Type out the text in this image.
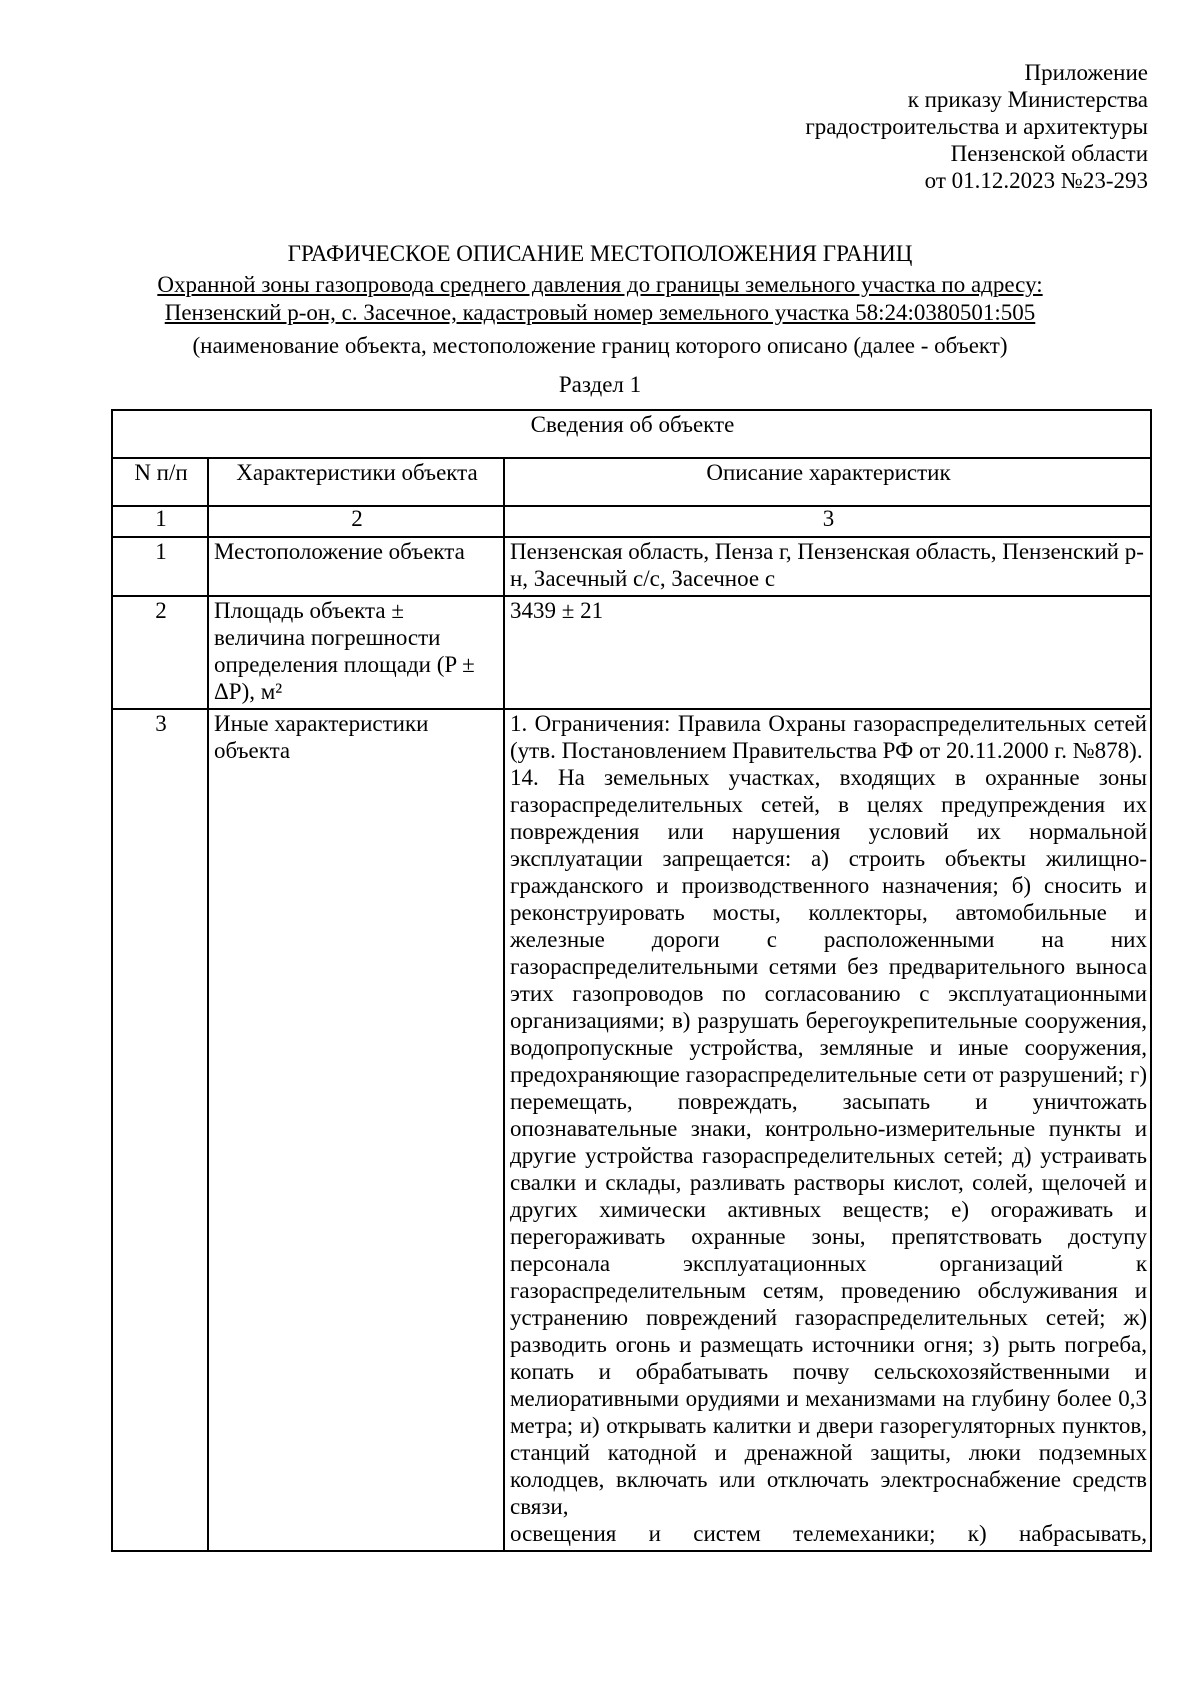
Приложение
к приказу Министерства
градостроительства и архитектуры
Пензенской области
от 01.12.2023 №23-293
ГРАФИЧЕСКОЕ ОПИСАНИЕ МЕСТОПОЛОЖЕНИЯ ГРАНИЦ
Охранной зоны газопровода среднего давления до границы земельного участка по адресу:
Пензенский р-он, с. Засечное, кадастровый номер земельного участка 58:24:0380501:505
(наименование объекта, местоположение границ которого описано (далее - объект)
Раздел 1
Сведения об объекте		
N п/п	Характеристики объекта	Описание характеристик
1	2	3
1	Местоположение объекта	Пензенская область, Пенза г, Пензенская область, Пензенский р-н, Засечный с/с, Засечное с
2	Площадь объекта ± величина погрешности определения площади (P ± ΔP), м²	3439 ± 21
3	Иные характеристики объекта	1. Ограничения: Правила Охраны газораспределительных сетей (утв. Постановлением Правительства РФ от 20.11.2000 г. №878).

14. На земельных участках, входящих в охранные зоны газораспределительных сетей, в целях предупреждения их повреждения или нарушения условий их нормальной эксплуатации запрещается: а) строить объекты жилищно-гражданского и производственного назначения; б) сносить и реконструировать мосты, коллекторы, автомобильные и железные дороги с расположенными на них газораспределительными сетями без предварительного выноса этих газопроводов по согласованию с эксплуатационными организациями; в) разрушать берегоукрепительные сооружения, водопропускные устройства, земляные и иные сооружения, предохраняющие газораспределительные сети от разрушений; г) перемещать, повреждать, засыпать и уничтожать опознавательные знаки, контрольно-измерительные пункты и другие устройства газораспределительных сетей; д) устраивать свалки и склады, разливать растворы кислот, солей, щелочей и других химически активных веществ; е) огораживать и перегораживать охранные зоны, препятствовать доступу персонала эксплуатационных организаций к газораспределительным сетям, проведению обслуживания и устранению повреждений газораспределительных сетей; ж) разводить огонь и размещать источники огня; з) рыть погреба, копать и обрабатывать почву сельскохозяйственными и мелиоративными орудиями и механизмами на глубину более 0,3 метра; и) открывать калитки и двери газорегуляторных пунктов, станций катодной и дренажной защиты, люки подземных колодцев, включать или отключать электроснабжение средств связи,

освещения и систем телемеханики; к) набрасывать,
